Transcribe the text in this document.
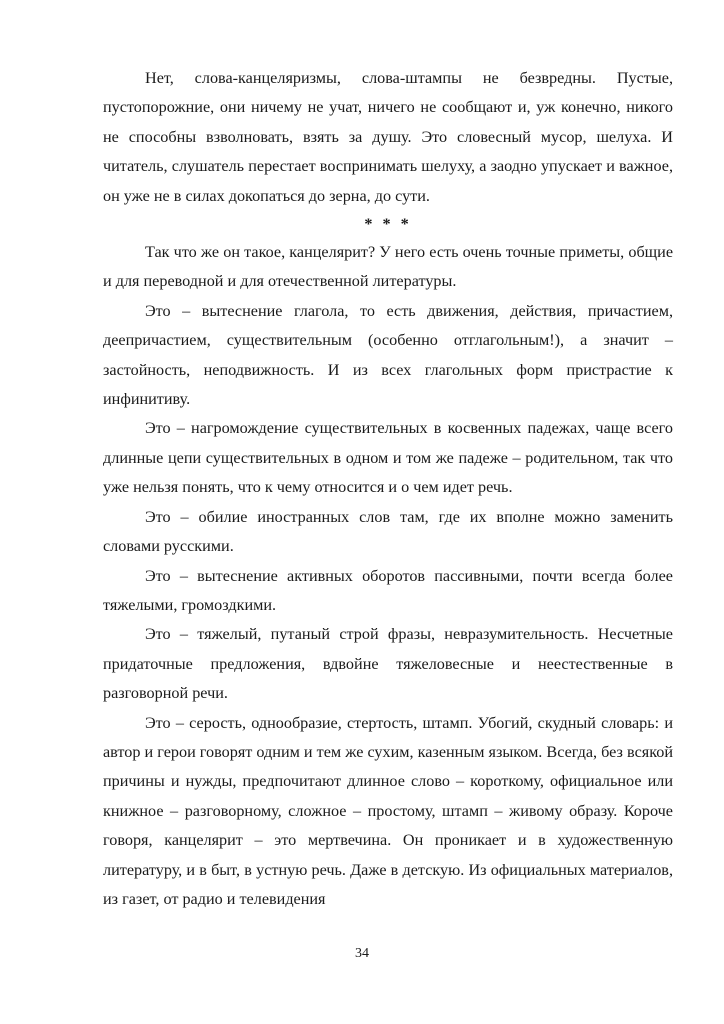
Нет, слова-канцеляризмы, слова-штампы не безвредны. Пустые, пустопорожние, они ничему не учат, ничего не сообщают и, уж конечно, никого не способны взволновать, взять за душу. Это словесный мусор, шелуха. И читатель, слушатель перестает воспринимать шелуху, а заодно упускает и важное, он уже не в силах докопаться до зерна, до сути.

* * *

Так что же он такое, канцелярит? У него есть очень точные приметы, общие и для переводной и для отечественной литературы.

Это – вытеснение глагола, то есть движения, действия, причастием, деепричастием, существительным (особенно отглагольным!), а значит – застойность, неподвижность. И из всех глагольных форм пристрастие к инфинитиву.

Это – нагромождение существительных в косвенных падежах, чаще всего длинные цепи существительных в одном и том же падеже – родительном, так что уже нельзя понять, что к чему относится и о чем идет речь.

Это – обилие иностранных слов там, где их вполне можно заменить словами русскими.

Это – вытеснение активных оборотов пассивными, почти всегда более тяжелыми, громоздкими.

Это – тяжелый, путаный строй фразы, невразумительность. Несчетные придаточные предложения, вдвойне тяжеловесные и неестественные в разговорной речи.

Это – серость, однообразие, стертость, штамп. Убогий, скудный словарь: и автор и герои говорят одним и тем же сухим, казенным языком. Всегда, без всякой причины и нужды, предпочитают длинное слово – короткому, официальное или книжное – разговорному, сложное – простому, штамп – живому образу. Короче говоря, канцелярит – это мертвечина. Он проникает и в художественную литературу, и в быт, в устную речь. Даже в детскую. Из официальных материалов, из газет, от радио и телевидения

34
